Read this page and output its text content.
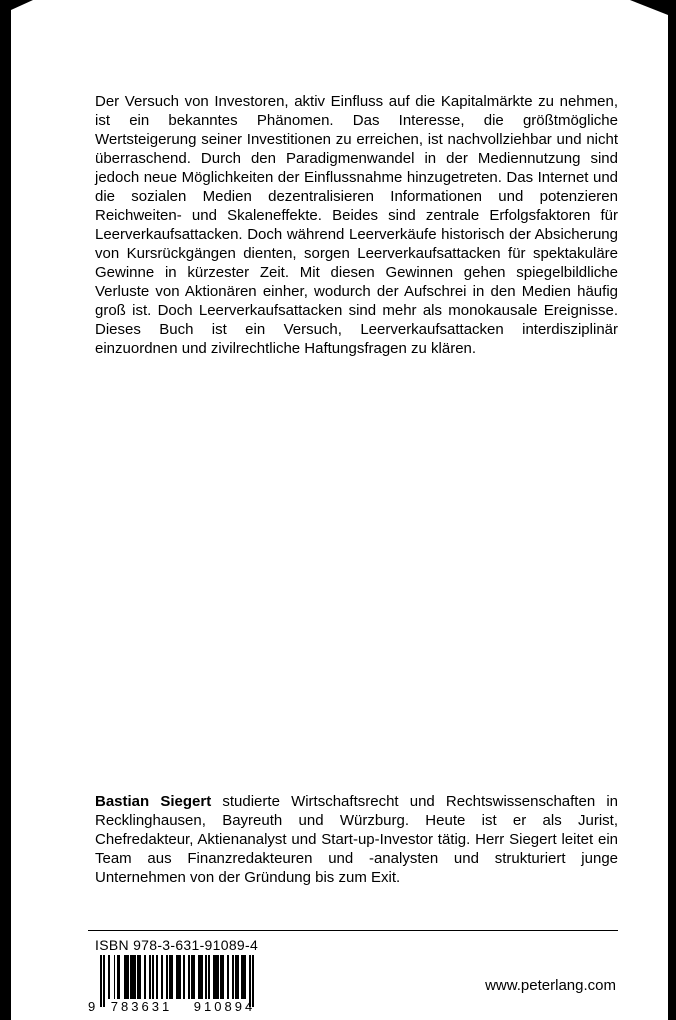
Der Versuch von Investoren, aktiv Einfluss auf die Kapitalmärkte zu nehmen, ist ein bekanntes Phänomen. Das Interesse, die größtmögliche Wertsteigerung seiner Investitionen zu erreichen, ist nachvollziehbar und nicht überraschend. Durch den Paradigmenwandel in der Mediennutzung sind jedoch neue Möglichkeiten der Einflussnahme hinzugetreten. Das Internet und die sozialen Medien dezentralisieren Informationen und potenzieren Reichweiten- und Skaleneffekte. Beides sind zentrale Erfolgsfaktoren für Leerverkaufsattacken. Doch während Leerverkäufe historisch der Absicherung von Kursrückgängen dienten, sorgen Leerverkaufsattacken für spektakuläre Gewinne in kürzester Zeit. Mit diesen Gewinnen gehen spiegelbildliche Verluste von Aktionären einher, wodurch der Aufschrei in den Medien häufig groß ist. Doch Leerverkaufsattacken sind mehr als monokausale Ereignisse. Dieses Buch ist ein Versuch, Leerverkaufsattacken interdisziplinär einzuordnen und zivilrechtliche Haftungsfragen zu klären.

Bastian Siegert studierte Wirtschaftsrecht und Rechtswissenschaften in Recklinghausen, Bayreuth und Würzburg. Heute ist er als Jurist, Chefredakteur, Aktienanalyst und Start-up-Investor tätig. Herr Siegert leitet ein Team aus Finanzredakteuren und -analysten und strukturiert junge Unternehmen von der Gründung bis zum Exit.

ISBN 978-3-631-91089-4
9	783631	910894
www.peterlang.com
